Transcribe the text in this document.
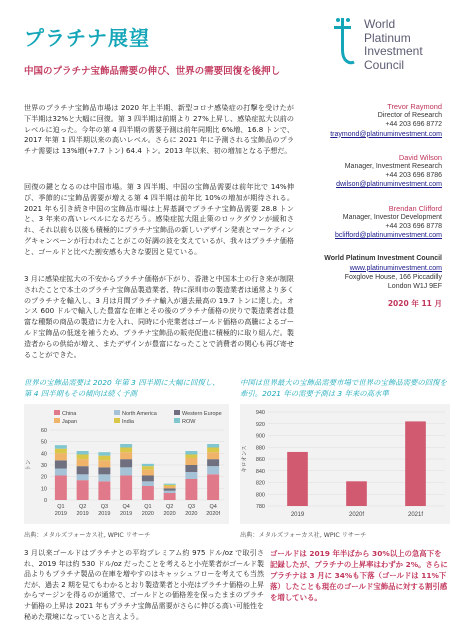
プラチナ展望
中国のプラチナ宝飾品需要の伸び、世界の需要回復を後押し
World
Platinum
Investment
Council
世界のプラチナ宝飾品市場は 2020 年上半期、新型コロナ感染症の打撃を受けたが下半期は32%と大幅に回復。第 3 四半期は前期より 27%上昇し、感染症拡大以前のレベルに迫った。今年の第 4 四半期の需要予測は前年同期比 6%増、16.8 トンで、2017 年第 1 四半期以来の高いレベル。さらに 2021 年に予測される宝飾品のプラチナ需要は 13%増(+7.7 トン) 64.4 トン。2013 年以来、初の増加となる予想だ。
回復の鍵となるのは中国市場。第 3 四半期、中国の宝飾品需要は前年比で 14%伸び、季節的に宝飾品需要が増える第 4 四半期は前年比 10%の増加が期待される。2021 年も引き続き中国の宝飾品市場は上昇基調でプラチナ宝飾品需要 28.8 トンと、3 年来の高いレベルになるだろう。感染症拡大阻止策のロックダウンが緩和され、それ以前も以後も積極的にプラチナ宝飾品の新しいデザイン発表とマーケティングキャンペーンが行われたことがこの好調の波を支えているが、我々はプラチナ価格と、ゴールドと比べた割安感も大きな要因と見ている。
3 月に感染症拡大の不安からプラチナ価格が下がり、香港と中国本土の行き来が制限されたことで本土のプラチナ宝飾品製造業者、特に深圳市の製造業者は通常より多くのプラチナを輸入し、3 月は月間プラチナ輸入が過去最高の 19.7 トンに達した。オンス 600 ドルで輸入した豊富な在庫とその後のプラチナ価格の戻りで製造業者は豊富な種類の商品の製造に力を入れ、同時に小売業者はゴールド価格の高騰によるゴールド宝飾品の低迷を補うため、プラチナ宝飾品の販売促進に積極的に取り組んだ。製造者からの供給が増え、またデザインが豊富になったことで消費者の関心も再び寄せることができた。
Trevor Raymond
Director of Research
+44 203 696 8772
traymond@platinuminvestment.com
David Wilson
Manager, Investment Research
+44 203 696 8786
dwilson@platinuminvestment.com
Brendan Clifford
Manager, Investor Development
+44 203 696 8778
bclifford@platinuminvestment.com
World Platinum Investment Council
www.platinuminvestment.com
Foxglove House, 166 Piccadilly
London W1J 9EF
2020 年 11 月
世界の宝飾品需要は 2020 年第 3 四半期に大幅に回復し、第 4 四半期もその傾向は続く予測
中国は世界最大の宝飾品需要市場で世界の宝飾品需要の回復を牽引。2021 年の需要予測は 3 年来の高水準
China	North America	Western Europe
Japan	India	ROW
0
10
20
30
40
50
60
トン
Q1
2019
Q2
2019
Q3
2019
Q4
2019
Q1
2020
Q2
2020
Q3
2020
Q4
2020f
780
800
820
840
860
880
900
920
940
キロオンス
2019	2020f	2021f
出典：メタルズフォーカス社, WPIC リサーチ	出典：メタルズフォーカス社, WPIC リサーチ
3 月以来ゴールドはプラチナとの平均プレミアム約 975 ドル/oz で取引され、2019 年は約 530 ドル/oz だったことを考えると小売業者がゴールド製品よりもプラチナ製品の在庫を増やすのはキャッシュフローを考えても当然だが、過去 2 期を見てもわかるとおり製造業者と小売はプラチナ価格の上昇からマージンを得るのが通常で、ゴールドとの価格差を保ったままのプラチナ価格の上昇は 2021 年もプラチナ宝飾品需要がさらに伸びる高い可能性を秘めた環境になっていると言えよう。
ゴールドは 2019 年半ばから 30%以上の急高下を記録したが、プラチナの上昇率はわずか 2%。さらにプラチナは 3 月に 34%も下落（ゴールドは 11%下落）したことも現在のゴールド宝飾品に対する割引感を増している。
